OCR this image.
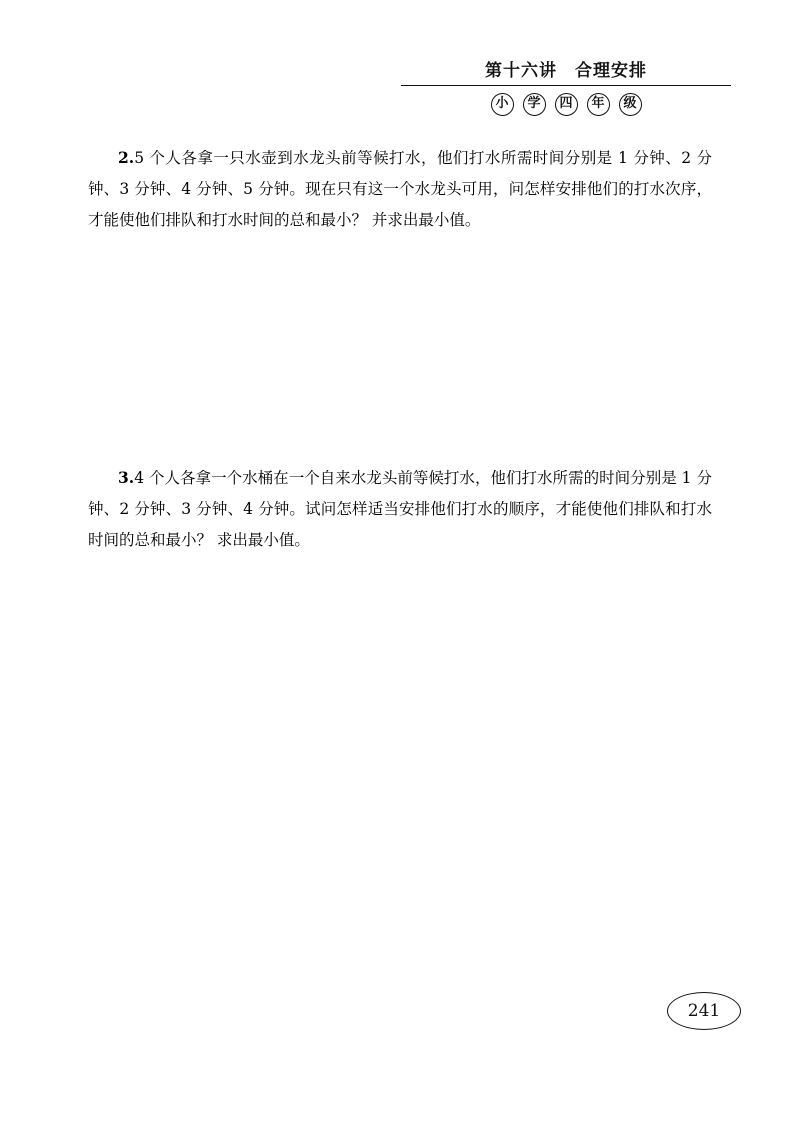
第十六讲　合理安排
小	学	四	年	级

2.5 个人各拿一只水壶到水龙头前等候打水，他们打水所需时间分别是 1 分钟、2 分钟、3 分钟、4 分钟、5 分钟。现在只有这一个水龙头可用，问怎样安排他们的打水次序，才能使他们排队和打水时间的总和最小？ 并求出最小值。

3.4 个人各拿一个水桶在一个自来水龙头前等候打水，他们打水所需的时间分别是 1 分钟、2 分钟、3 分钟、4 分钟。试问怎样适当安排他们打水的顺序，才能使他们排队和打水时间的总和最小？ 求出最小值。

241
